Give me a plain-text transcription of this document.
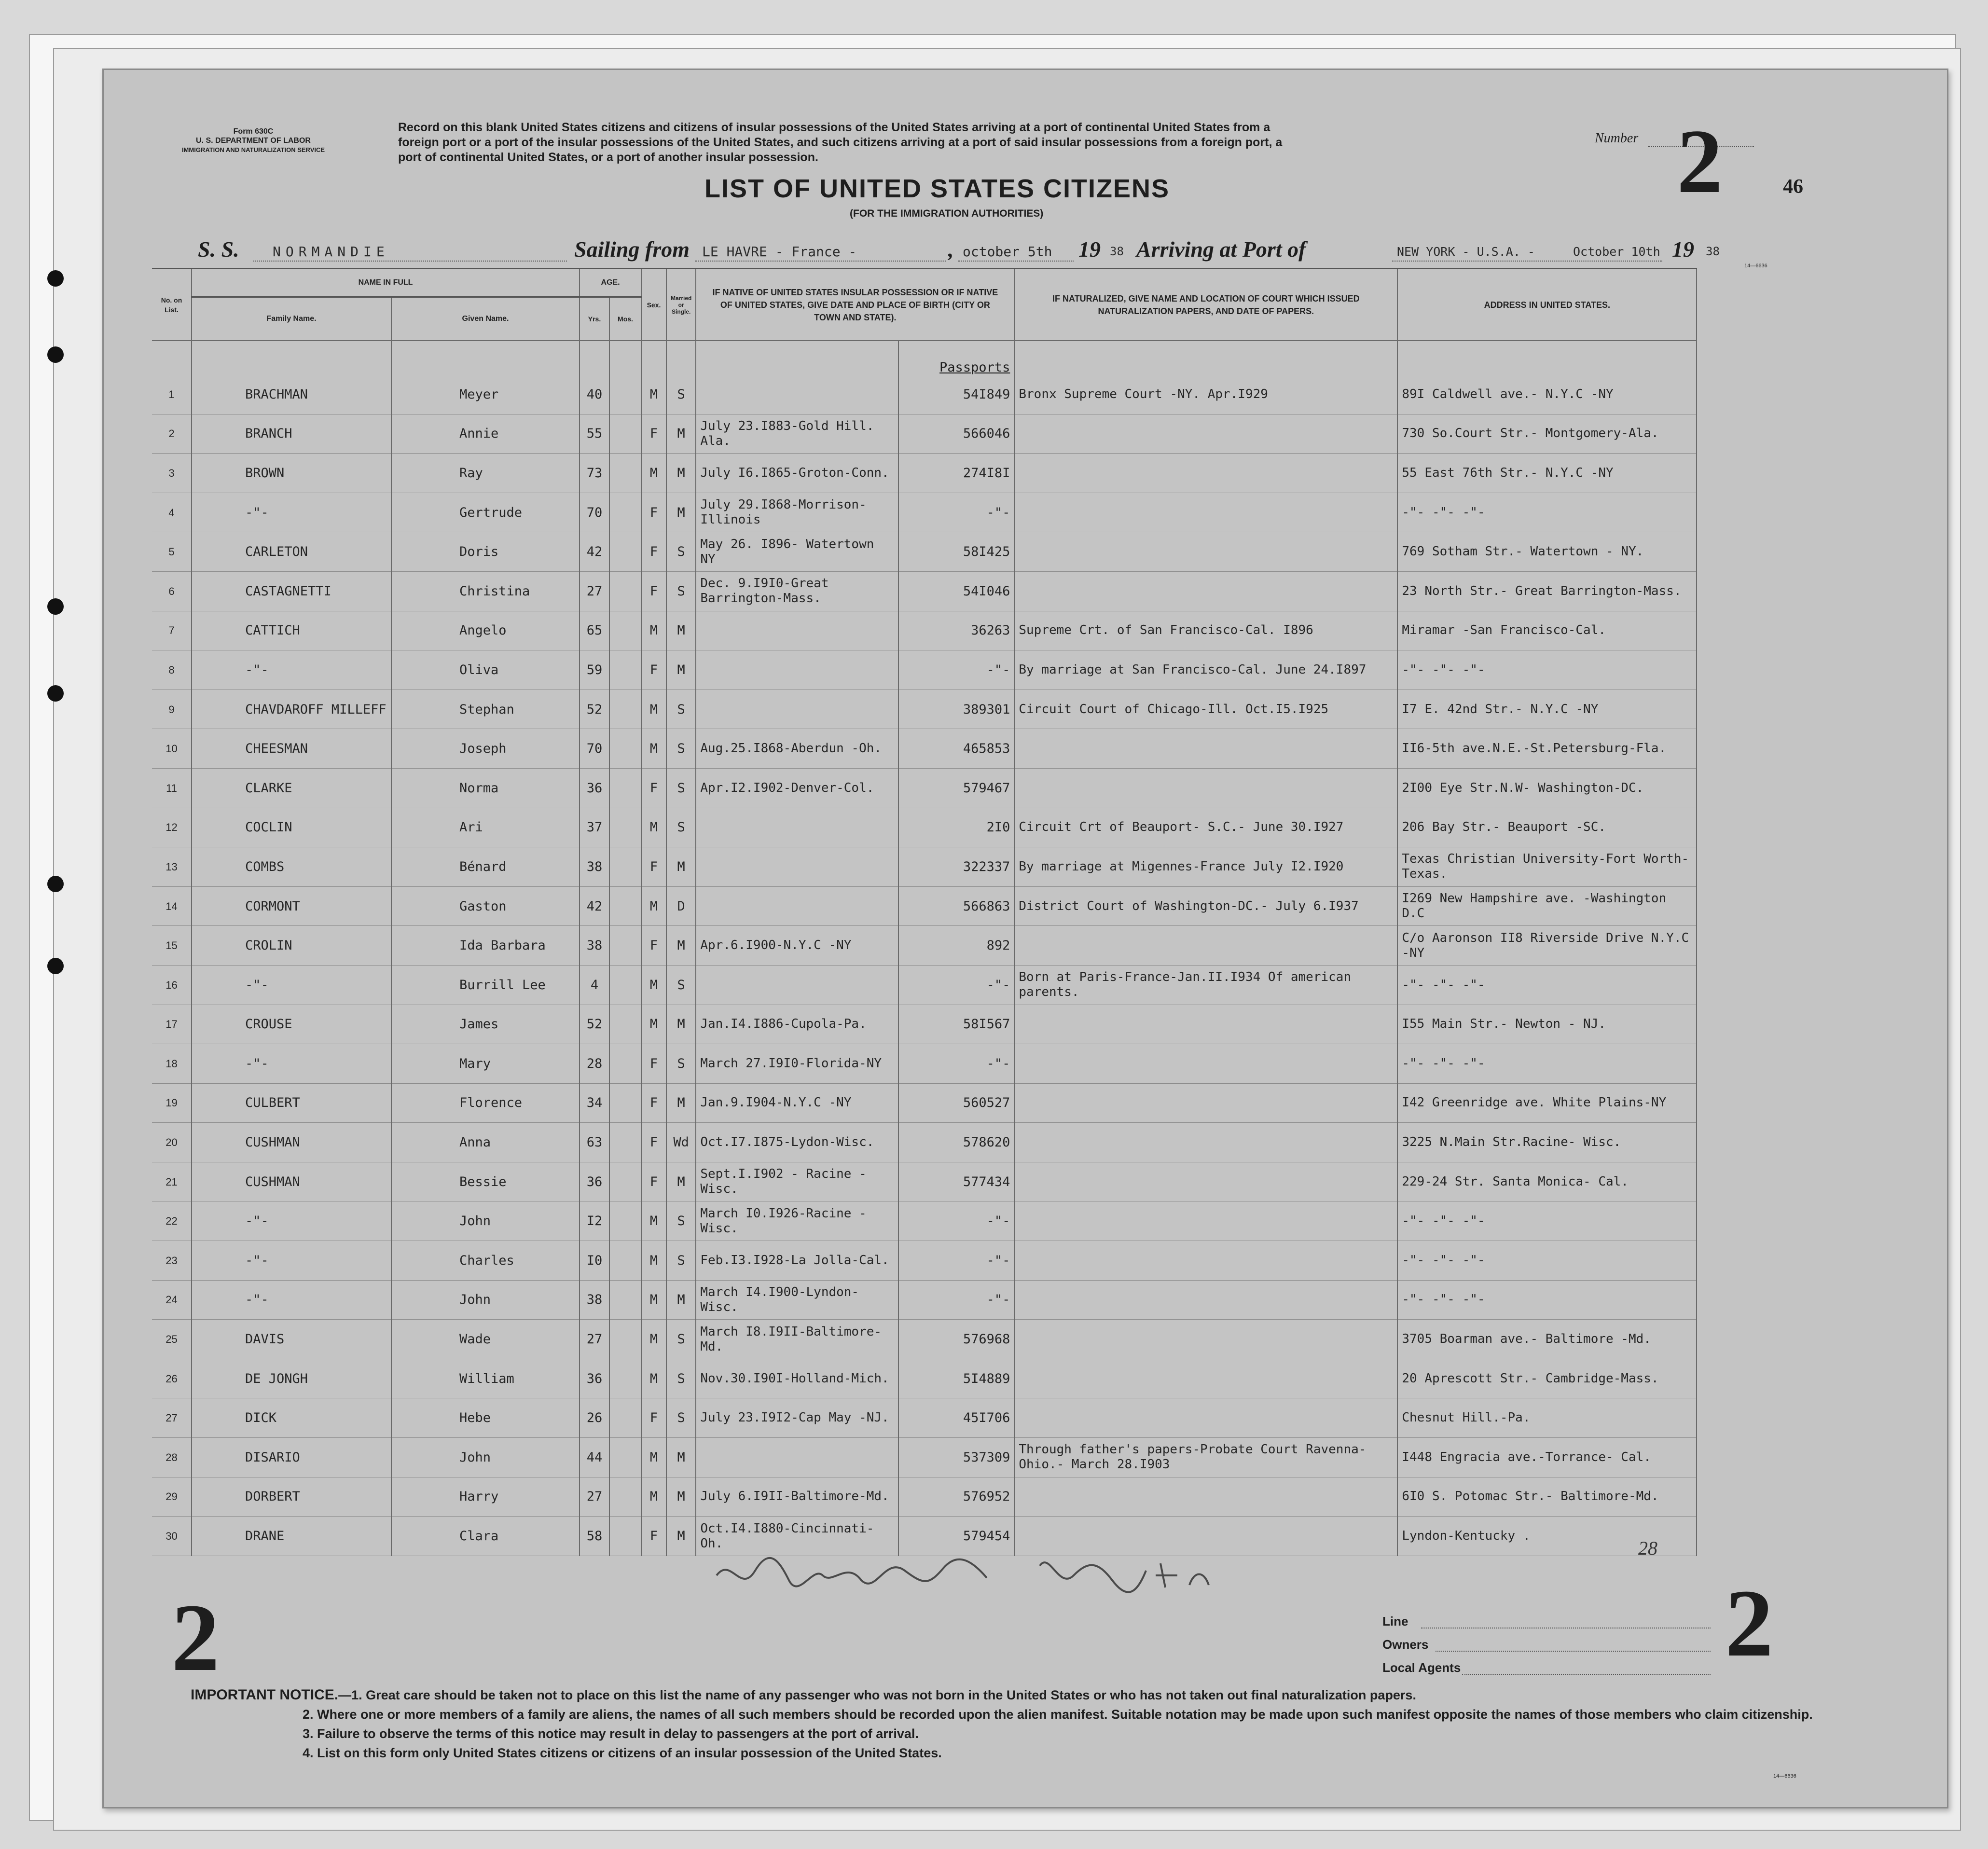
Form 630C
U. S. DEPARTMENT OF LABOR
IMMIGRATION AND NATURALIZATION SERVICE
Record on this blank United States citizens and citizens of insular possessions of the United States arriving at a port of continental United States from a
foreign port or a port of the insular possessions of the United States, and such citizens arriving at a port of said insular possessions from a foreign port, a
port of continental United States, or a port of another insular possession.
Number 2	46
LIST OF UNITED STATES CITIZENS
(FOR THE IMMIGRATION AUTHORITIES)
S. S. NORMANDIE	Sailing from LE HAVRE - France -	, october 5th 19 38 Arriving at Port of	NEW YORK - U.S.A. -	October 10th 19 38
14—6636
No. on List.	NAME IN FULL		AGE.		Sex.	Married or Single.	IF NATIVE OF UNITED STATES INSULAR POSSESSION OR IF NATIVE OF UNITED STATES, GIVE DATE AND PLACE OF BIRTH (CITY OR TOWN AND STATE).		IF NATURALIZED, GIVE NAME AND LOCATION OF COURT WHICH ISSUED NATURALIZATION PAPERS, AND DATE OF PAPERS.	ADDRESS IN UNITED STATES.
	Family Name.	Given Name.	Yrs.	Mos.						
								Passports		
1	BRACHMAN	Meyer	40		M	S		54I849	Bronx Supreme Court -NY. Apr.I929	89I Caldwell ave.- N.Y.C -NY
2	BRANCH	Annie	55		F	M	July 23.I883-Gold Hill. Ala.	566046		730 So.Court Str.- Montgomery-Ala.
3	BROWN	Ray	73		M	M	July I6.I865-Groton-Conn.	274I8I		55 East 76th Str.- N.Y.C -NY
4	-"-	Gertrude	70		F	M	July 29.I868-Morrison-Illinois	-"-		-"- -"- -"-
5	CARLETON	Doris	42		F	S	May 26. I896- Watertown NY	58I425		769 Sotham Str.- Watertown - NY.
6	CASTAGNETTI	Christina	27		F	S	Dec. 9.I9I0-Great Barrington-Mass.	54I046		23 North Str.- Great Barrington-Mass.
7	CATTICH	Angelo	65		M	M		36263	Supreme Crt. of San Francisco-Cal. I896	Miramar -San Francisco-Cal.
8	-"-	Oliva	59		F	M		-"-	By marriage at San Francisco-Cal. June 24.I897	-"- -"- -"-
9	CHAVDAROFF MILLEFF	Stephan	52		M	S		389301	Circuit Court of Chicago-Ill. Oct.I5.I925	I7 E. 42nd Str.- N.Y.C -NY
10	CHEESMAN	Joseph	70		M	S	Aug.25.I868-Aberdun -Oh.	465853		II6-5th ave.N.E.-St.Petersburg-Fla.
11	CLARKE	Norma	36		F	S	Apr.I2.I902-Denver-Col.	579467		2I00 Eye Str.N.W- Washington-DC.
12	COCLIN	Ari	37		M	S		2I0	Circuit Crt of Beauport- S.C.- June 30.I927	206 Bay Str.- Beauport -SC.
13	COMBS	Bénard	38		F	M		322337	By marriage at Migennes-France July I2.I920	Texas Christian University-Fort Worth- Texas.
14	CORMONT	Gaston	42		M	D		566863	District Court of Washington-DC.- July 6.I937	I269 New Hampshire ave. -Washington D.C
15	CROLIN	Ida Barbara	38		F	M	Apr.6.I900-N.Y.C -NY	892		C/o Aaronson II8 Riverside Drive N.Y.C -NY
16	-"-	Burrill Lee	4		M	S		-"-	Born at Paris-France-Jan.II.I934 Of american parents.	-"- -"- -"-
17	CROUSE	James	52		M	M	Jan.I4.I886-Cupola-Pa.	58I567		I55 Main Str.- Newton - NJ.
18	-"-	Mary	28		F	S	March 27.I9I0-Florida-NY	-"-		-"- -"- -"-
19	CULBERT	Florence	34		F	M	Jan.9.I904-N.Y.C -NY	560527		I42 Greenridge ave. White Plains-NY
20	CUSHMAN	Anna	63		F	Wd	Oct.I7.I875-Lydon-Wisc.	578620		3225 N.Main Str.Racine- Wisc.
21	CUSHMAN	Bessie	36		F	M	Sept.I.I902 - Racine -Wisc.	577434		229-24 Str. Santa Monica- Cal.
22	-"-	John	I2		M	S	March I0.I926-Racine -Wisc.	-"-		-"- -"- -"-
23	-"-	Charles	I0		M	S	Feb.I3.I928-La Jolla-Cal.	-"-		-"- -"- -"-
24	-"-	John	38		M	M	March I4.I900-Lyndon-Wisc.	-"-		-"- -"- -"-
25	DAVIS	Wade	27		M	S	March I8.I9II-Baltimore-Md.	576968		3705 Boarman ave.- Baltimore -Md.
26	DE JONGH	William	36		M	S	Nov.30.I90I-Holland-Mich.	5I4889		20 Aprescott Str.- Cambridge-Mass.
27	DICK	Hebe	26		F	S	July 23.I9I2-Cap May -NJ.	45I706		Chesnut Hill.-Pa.
28	DISARIO	John	44		M	M		537309	Through father's papers-Probate Court Ravenna-Ohio.- March 28.I903	I448 Engracia ave.-Torrance- Cal.
29	DORBERT	Harry	27		M	M	July 6.I9II-Baltimore-Md.	576952		6I0 S. Potomac Str.- Baltimore-Md.
30	DRANE	Clara	58		F	M	Oct.I4.I880-Cincinnati-Oh.	579454		Lyndon-Kentucky .
28
2	2
Line
Owners
Local Agents
IMPORTANT NOTICE.—1. Great care should be taken not to place on this list the name of any passenger who was not born in the United States or who has not taken out final naturalization papers.
2. Where one or more members of a family are aliens, the names of all such members should be recorded upon the alien manifest. Suitable notation may be made upon such manifest opposite the names of those members who claim citizenship.
3. Failure to observe the terms of this notice may result in delay to passengers at the port of arrival.
4. List on this form only United States citizens or citizens of an insular possession of the United States.
14—6636
